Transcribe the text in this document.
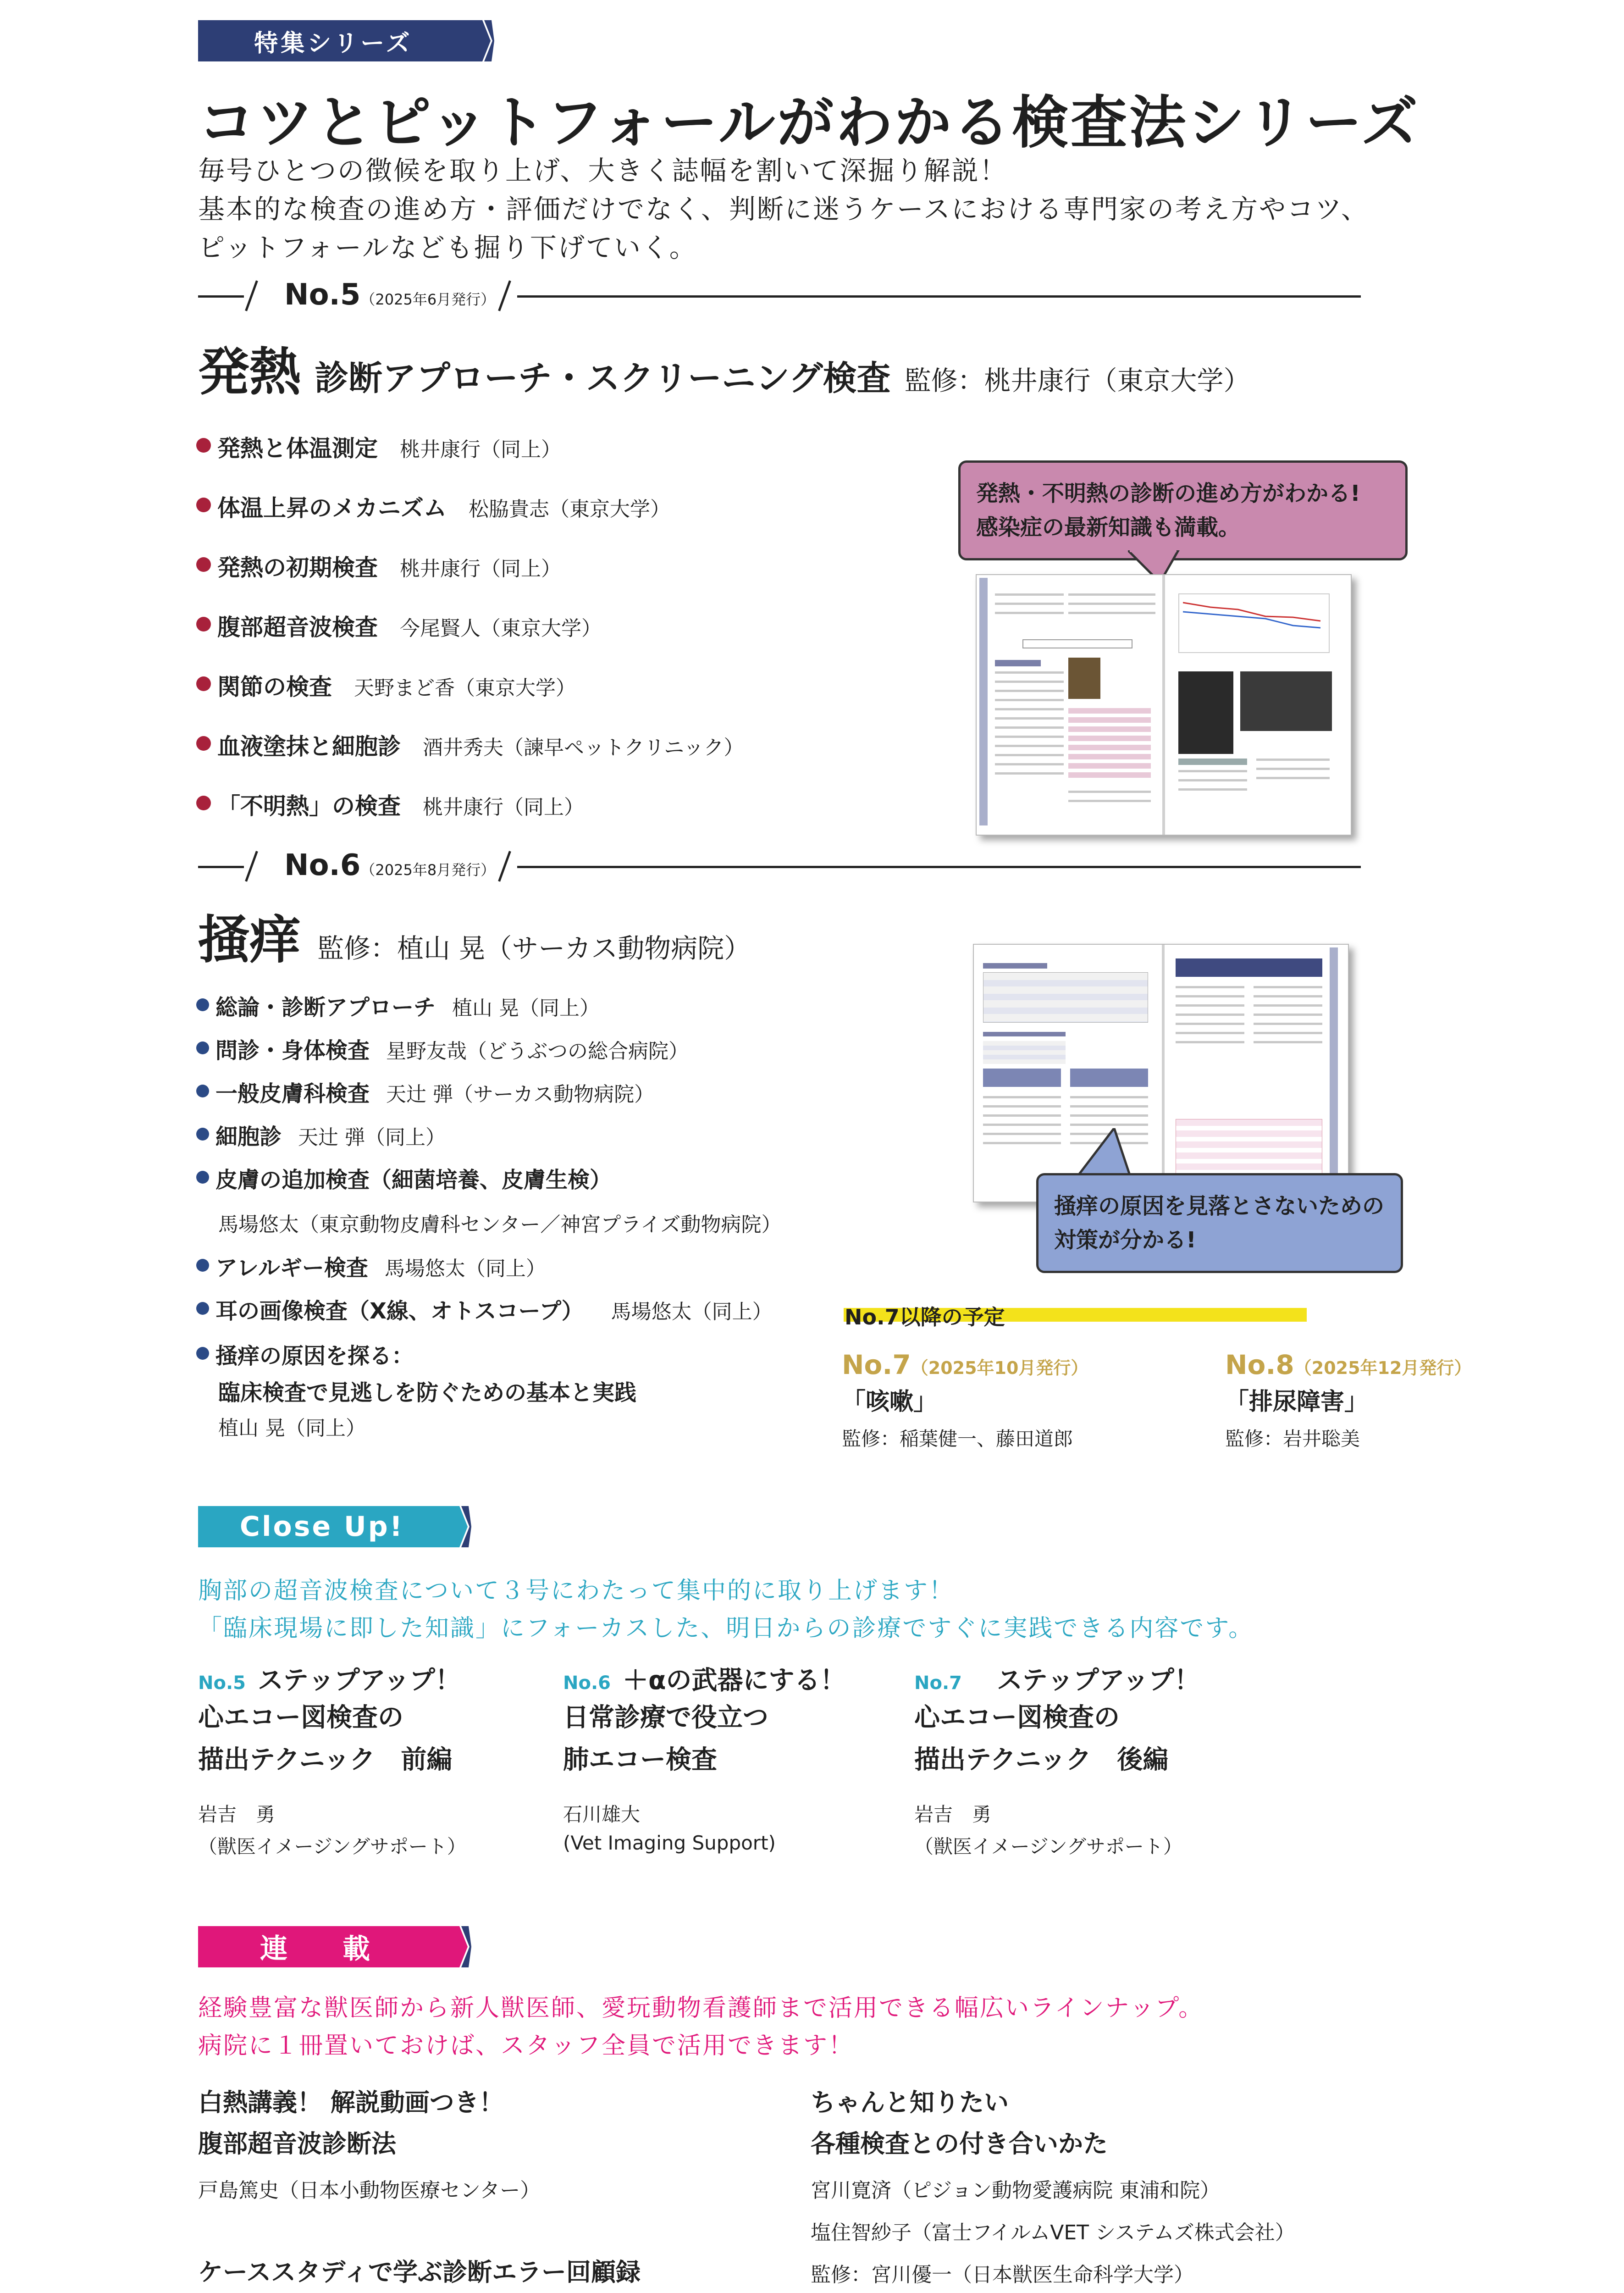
特集シリーズ
コツとピットフォールがわかる検査法シリーズ
毎号ひとつの徴候を取り上げ、大きく誌幅を割いて深掘り解説！
基本的な検査の進め方・評価だけでなく、判断に迷うケースにおける専門家の考え方やコツ、
ピットフォールなども掘り下げていく。
No.5（2025年6月発行）
発熱 診断アプローチ・スクリーニング検査 監修：桃井康行（東京大学）
発熱と体温測定 桃井康行（同上）
体温上昇のメカニズム 松脇貴志（東京大学）
発熱の初期検査 桃井康行（同上）
腹部超音波検査 今尾賢人（東京大学）
関節の検査 天野まど香（東京大学）
血液塗抹と細胞診 酒井秀夫（諫早ペットクリニック）
「不明熱」の検査 桃井康行（同上）
発熱・不明熱の診断の進め方がわかる!
感染症の最新知識も満載。
No.6（2025年8月発行）
掻痒 監修：植山 晃（サーカス動物病院）
総論・診断アプローチ 植山 晃（同上）
問診・身体検査 星野友哉（どうぶつの総合病院）
一般皮膚科検査 天辻 弾（サーカス動物病院）
細胞診 天辻 弾（同上）
皮膚の追加検査（細菌培養、皮膚生検）
馬場悠太（東京動物皮膚科センター／神宮プライズ動物病院）
アレルギー検査 馬場悠太（同上）
耳の画像検査（X線、オトスコープ） 馬場悠太（同上）
掻痒の原因を探る：
臨床検査で見逃しを防ぐための基本と実践
植山 晃（同上）
掻痒の原因を見落とさないための
対策が分かる!
No.7以降の予定
No.7（2025年10月発行）
「咳嗽」
監修：稲葉健一、藤田道郎
No.8（2025年12月発行）
「排尿障害」
監修：岩井聡美
Close Up!
胸部の超音波検査について３号にわたって集中的に取り上げます！
「臨床現場に即した知識」にフォーカスした、明日からの診療ですぐに実践できる内容です。
No.5 ステップアップ！
心エコー図検査の
描出テクニック　前編
岩吉　勇
（獣医イメージングサポート）
No.6 ＋αの武器にする！
日常診療で役立つ
肺エコー検査
石川雄大
(Vet Imaging Support)
No.7	ステップアップ！
心エコー図検査の
描出テクニック　後編
岩吉　勇
（獣医イメージングサポート）
連　載
経験豊富な獣医師から新人獣医師、愛玩動物看護師まで活用できる幅広いラインナップ。
病院に１冊置いておけば、スタッフ全員で活用できます！
白熱講義！ 解説動画つき！
腹部超音波診断法
戸島篤史（日本小動物医療センター）
ケーススタディで学ぶ診断エラー回顧録
ちゃんと知りたい
各種検査との付き合いかた
宮川寛済（ピジョン動物愛護病院 東浦和院）
塩住智紗子（富士フイルムVET システムズ株式会社）
監修：宮川優一（日本獣医生命科学大学）
